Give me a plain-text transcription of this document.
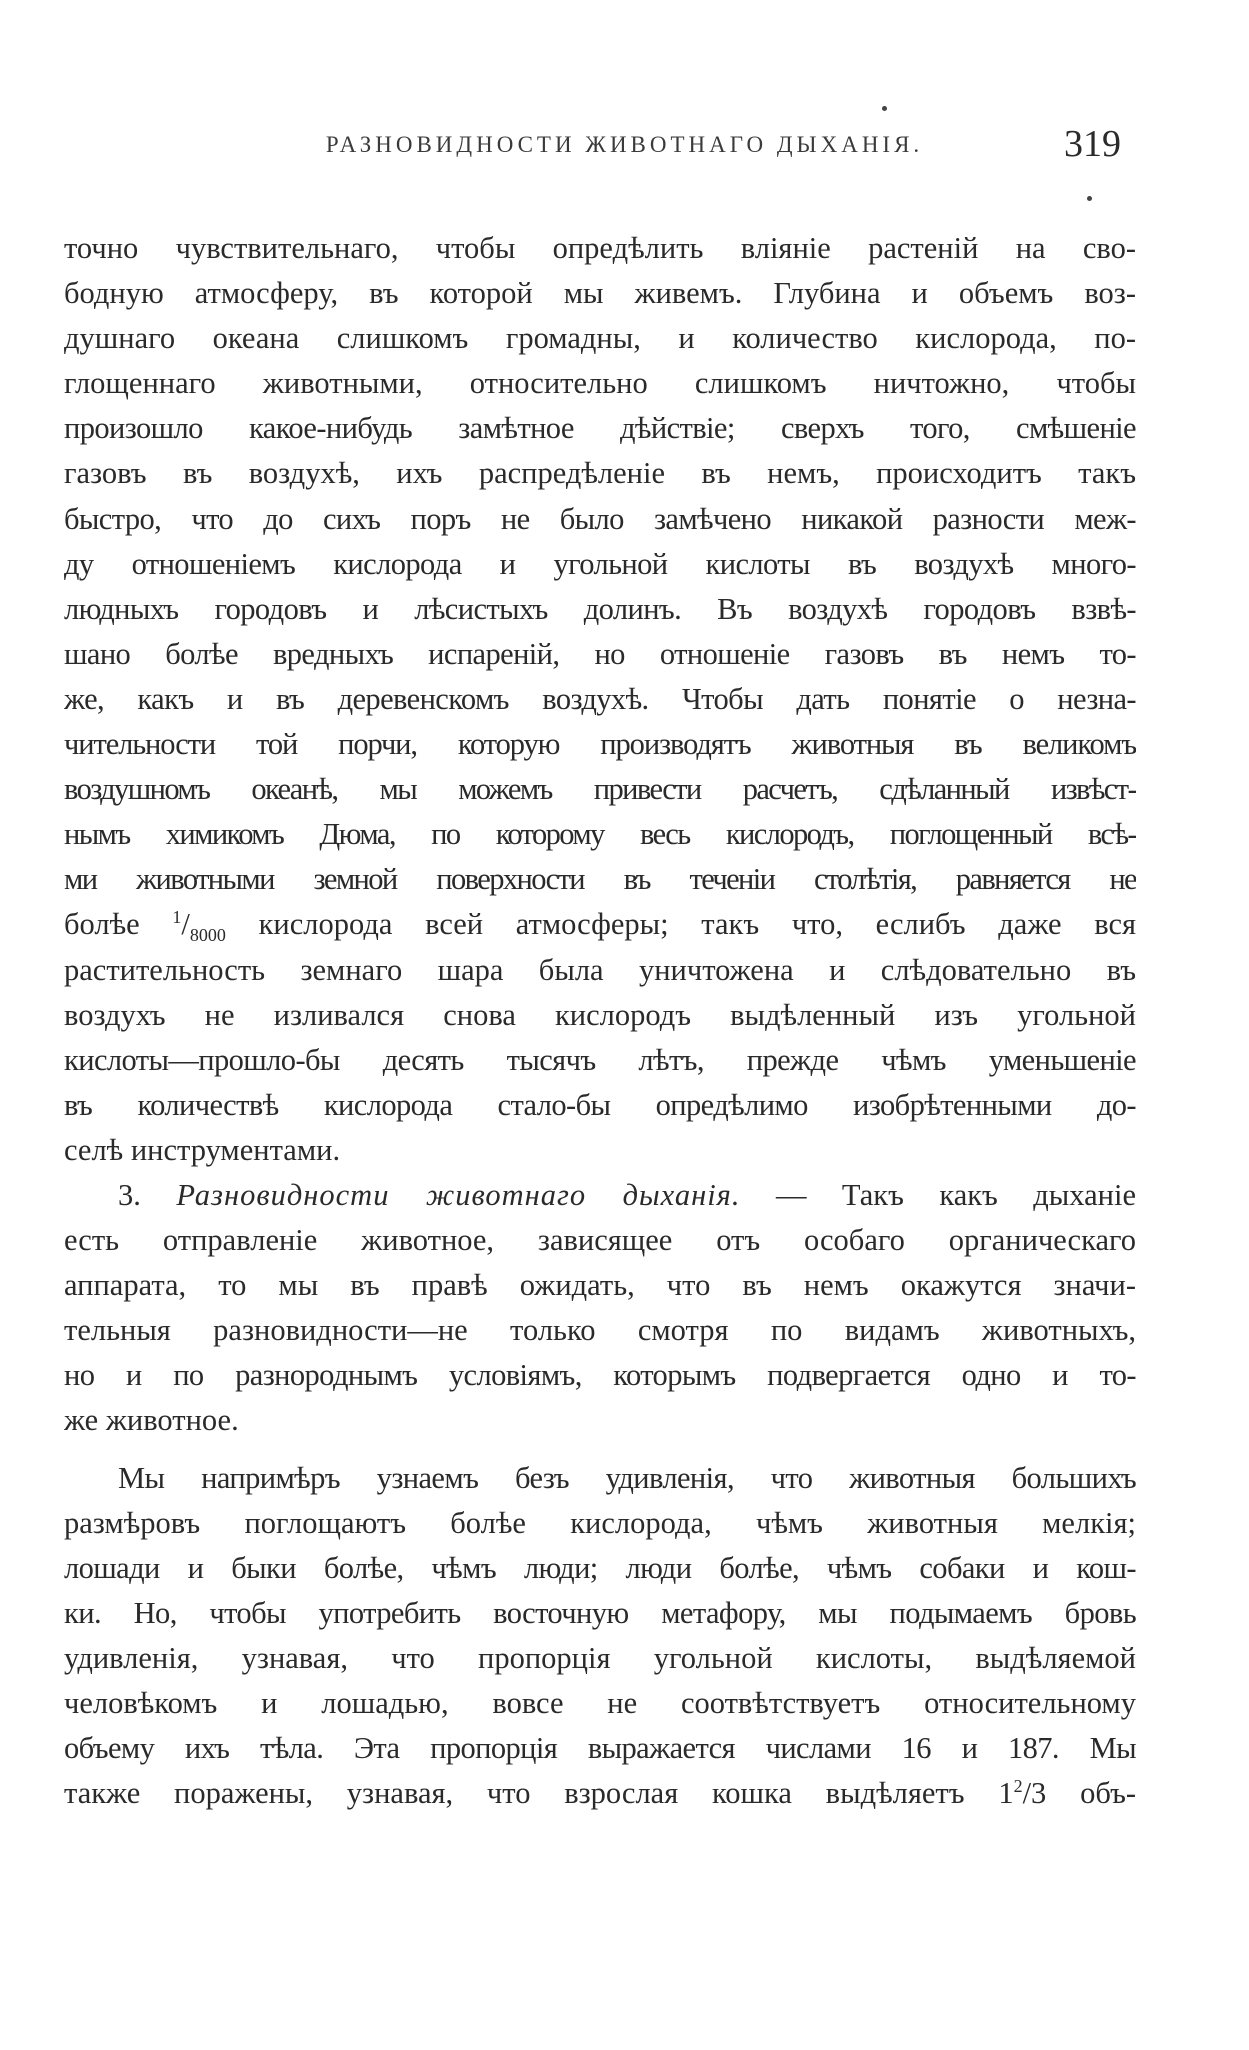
РАЗНОВИДНОСТИ ЖИВОТНАГО ДЫХАНІЯ.	319
точно чувствительнаго, чтобы опредѣлить вліяніе растеній на сво-
бодную атмосферу, въ которой мы живемъ. Глубина и объемъ воз-
душнаго океана слишкомъ громадны, и количество кислорода, по-
глощеннаго животными, относительно слишкомъ ничтожно, чтобы
произошло какое-нибудь замѣтное дѣйствіе; сверхъ того, смѣшеніе
газовъ въ воздухѣ, ихъ распредѣленіе въ немъ, происходитъ такъ
быстро, что до сихъ поръ не было замѣчено никакой разности меж-
ду отношеніемъ кислорода и угольной кислоты въ воздухѣ много-
людныхъ городовъ и лѣсистыхъ долинъ. Въ воздухѣ городовъ взвѣ-
шано болѣе вредныхъ испареній, но отношеніе газовъ въ немъ то-
же, какъ и въ деревенскомъ воздухѣ. Чтобы дать понятіе о незна-
чительности той порчи, которую производятъ животныя въ великомъ
воздушномъ океанѣ, мы можемъ привести расчетъ, сдѣланный извѣст-
нымъ химикомъ Дюма, по которому весь кислородъ, поглощенный всѣ-
ми животными земной поверхности въ теченіи столѣтія, равняется не
болѣе $^1/_{8000}$ кислорода всей атмосферы; такъ что, еслибъ даже вся
растительность земнаго шара была уничтожена и слѣдовательно въ
воздухъ не изливался снова кислородъ выдѣленный изъ угольной
кислоты—прошло-бы десять тысячъ лѣтъ, прежде чѣмъ уменьшеніе
въ количествѣ кислорода стало-бы опредѣлимо изобрѣтенными до-
селѣ инструментами.
3. Разновидности животнаго дыханія. — Такъ какъ дыханіе
есть отправленіе животное, зависящее отъ особаго органическаго
аппарата, то мы въ правѣ ожидать, что въ немъ окажутся значи-
тельныя разновидности—не только смотря по видамъ животныхъ,
но и по разнороднымъ условіямъ, которымъ подвергается одно и то-
же животное.
Мы напримѣръ узнаемъ безъ удивленія, что животныя большихъ
размѣровъ поглощаютъ болѣе кислорода, чѣмъ животныя мелкія;
лошади и быки болѣе, чѣмъ люди; люди болѣе, чѣмъ собаки и кош-
ки. Но, чтобы употребить восточную метафору, мы подымаемъ бровь
удивленія, узнавая, что пропорція угольной кислоты, выдѣляемой
человѣкомъ и лошадью, вовсе не соотвѣтствуетъ относительному
объему ихъ тѣла. Эта пропорція выражается числами 16 и 187. Мы
также поражены, узнавая, что взрослая кошка выдѣляетъ $1^2/3$ объ-
